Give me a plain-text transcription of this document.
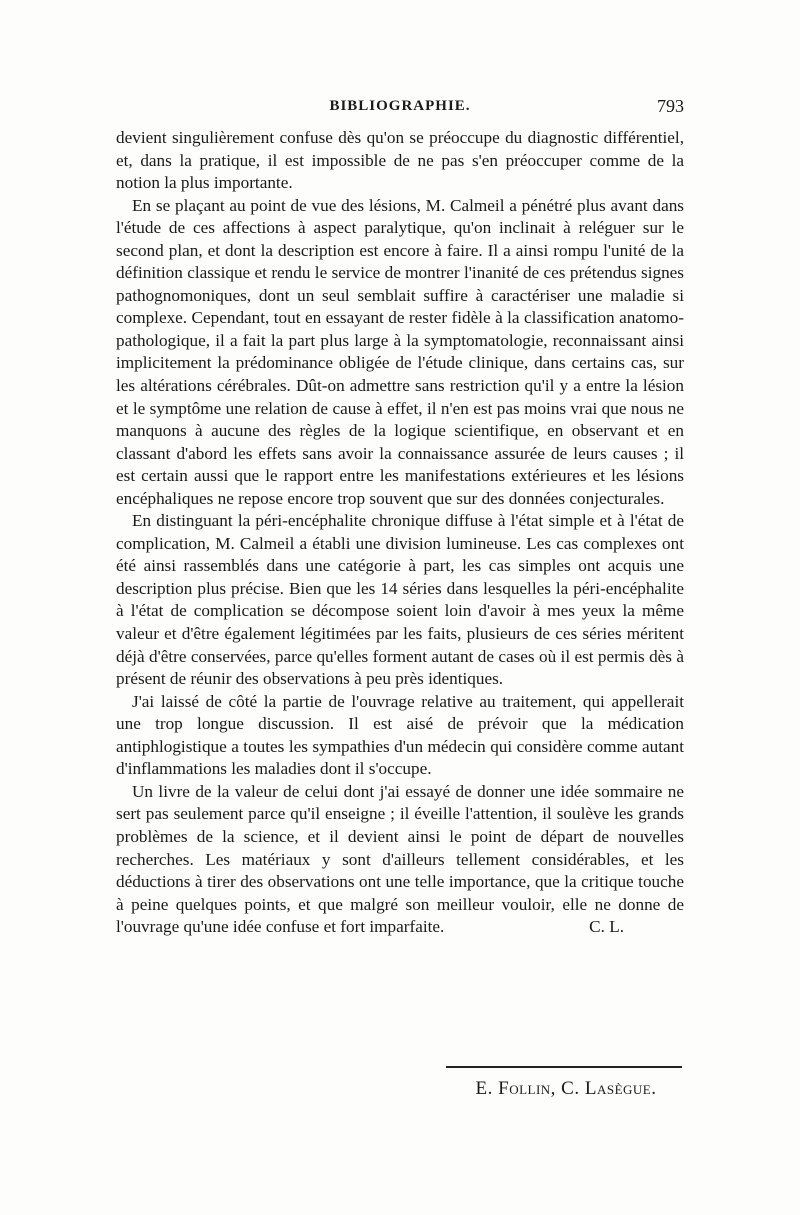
BIBLIOGRAPHIE.	793

devient singulièrement confuse dès qu'on se préoccupe du diagnostic différentiel, et, dans la pratique, il est impossible de ne pas s'en préoccuper comme de la notion la plus importante.

En se plaçant au point de vue des lésions, M. Calmeil a pénétré plus avant dans l'étude de ces affections à aspect paralytique, qu'on inclinait à reléguer sur le second plan, et dont la description est encore à faire. Il a ainsi rompu l'unité de la définition classique et rendu le service de montrer l'inanité de ces prétendus signes pathognomoniques, dont un seul semblait suffire à caractériser une maladie si complexe. Cependant, tout en essayant de rester fidèle à la classification anatomo-pathologique, il a fait la part plus large à la symptomatologie, reconnaissant ainsi implicitement la prédominance obligée de l'étude clinique, dans certains cas, sur les altérations cérébrales. Dût-on admettre sans restriction qu'il y a entre la lésion et le symptôme une relation de cause à effet, il n'en est pas moins vrai que nous ne manquons à aucune des règles de la logique scientifique, en observant et en classant d'abord les effets sans avoir la connaissance assurée de leurs causes ; il est certain aussi que le rapport entre les manifestations extérieures et les lésions encéphaliques ne repose encore trop souvent que sur des données conjecturales.

En distinguant la péri-encéphalite chronique diffuse à l'état simple et à l'état de complication, M. Calmeil a établi une division lumineuse. Les cas complexes ont été ainsi rassemblés dans une catégorie à part, les cas simples ont acquis une description plus précise. Bien que les 14 séries dans lesquelles la péri-encéphalite à l'état de complication se décompose soient loin d'avoir à mes yeux la même valeur et d'être également légitimées par les faits, plusieurs de ces séries méritent déjà d'être conservées, parce qu'elles forment autant de cases où il est permis dès à présent de réunir des observations à peu près identiques.

J'ai laissé de côté la partie de l'ouvrage relative au traitement, qui appellerait une trop longue discussion. Il est aisé de prévoir que la médication antiphlogistique a toutes les sympathies d'un médecin qui considère comme autant d'inflammations les maladies dont il s'occupe.

Un livre de la valeur de celui dont j'ai essayé de donner une idée sommaire ne sert pas seulement parce qu'il enseigne ; il éveille l'attention, il soulève les grands problèmes de la science, et il devient ainsi le point de départ de nouvelles recherches. Les matériaux y sont d'ailleurs tellement considérables, et les déductions à tirer des observations ont une telle importance, que la critique touche à peine quelques points, et que malgré son meilleur vouloir, elle ne donne de l'ouvrage qu'une idée confuse et fort imparfaite.	C. L.

E. Follin, C. Lasègue.
